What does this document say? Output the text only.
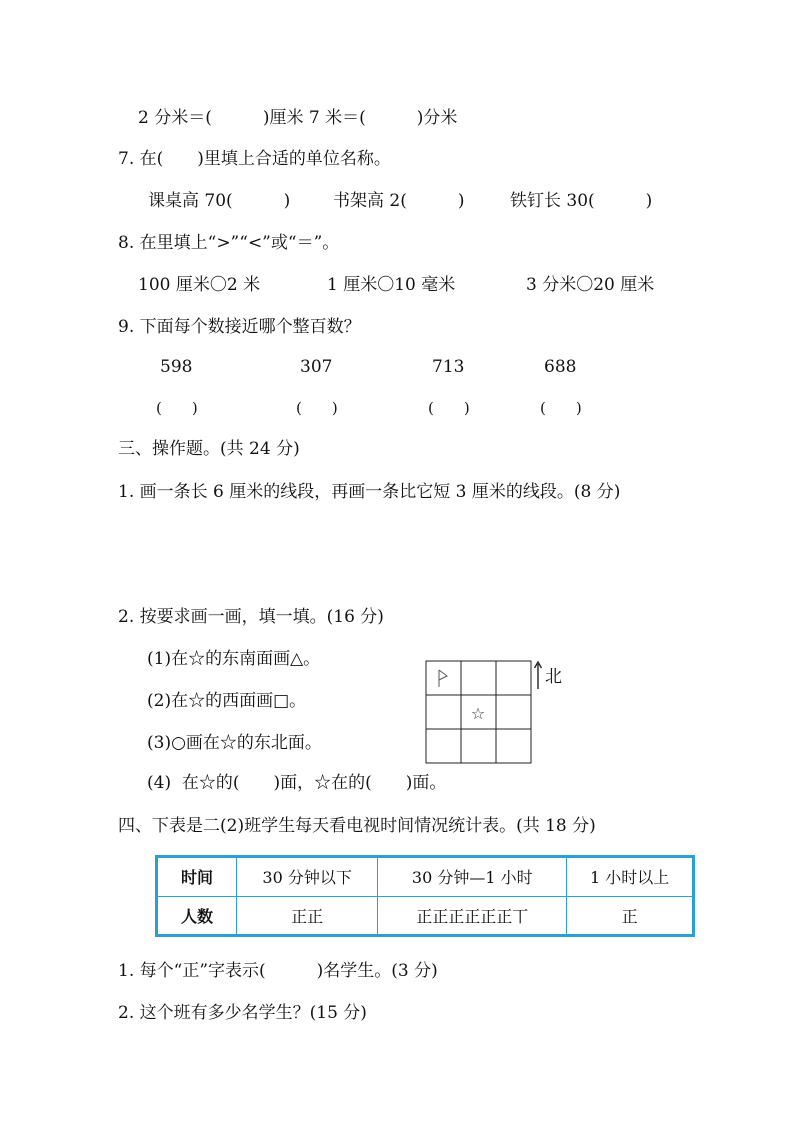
2 分米＝(　　　)厘米 7 米＝(　　　)分米
7. 在(　　)里填上合适的单位名称。
课桌高 70(　　　)	书架高 2(　　　)	铁钉长 30(　　　)
8. 在里填上“>”“<”或“＝”。
100 厘米〇2 米	1 厘米〇10 毫米	3 分米〇20 厘米
9. 下面每个数接近哪个整百数？
598	307	713	688
(　　)	(　　)	(　　)	(　　)
三、操作题。(共 24 分)
1. 画一条长 6 厘米的线段，再画一条比它短 3 厘米的线段。(8 分)
2. 按要求画一画，填一填。(16 分)
(1)在☆的东南面画△。
(2)在☆的西面画□。
(3)○画在☆的东北面。
(4)  在☆的(　　)面，☆在的(　　)面。
☆
北
四、下表是二(2)班学生每天看电视时间情况统计表。(共 18 分)
时间	30 分钟以下	30 分钟—1 小时	1 小时以上
人数	正正	正正正正正正丅	正
1. 每个“正”字表示(　　　)名学生。(3 分)
2. 这个班有多少名学生？(15 分)
